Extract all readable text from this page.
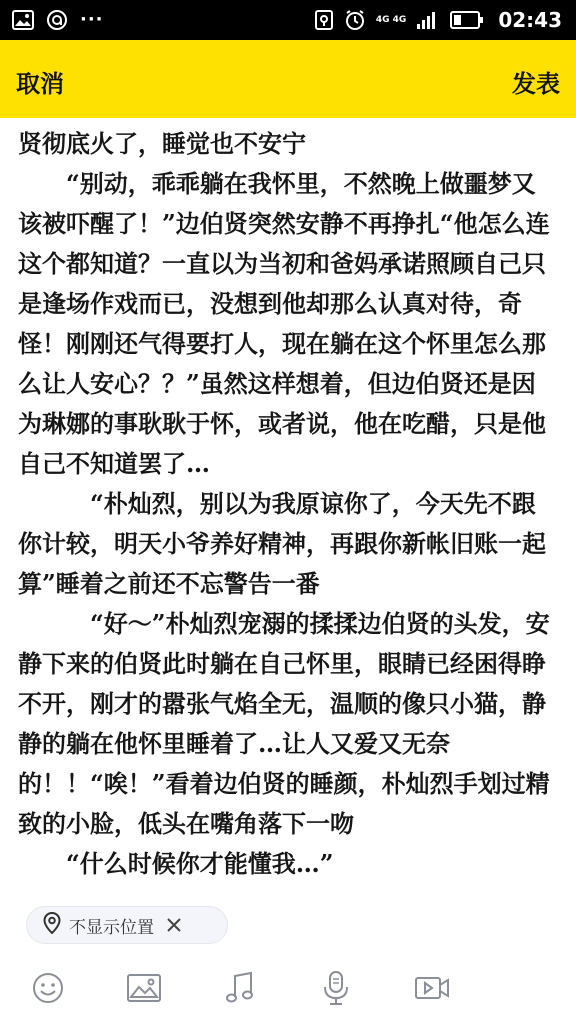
···	4G 4G	02:43
取消	发表

贤彻底火了，睡觉也不安宁

　　“别动，乖乖躺在我怀里，不然晚上做噩梦又该被吓醒了！”边伯贤突然安静不再挣扎“他怎么连这个都知道？一直以为当初和爸妈承诺照顾自己只是逢场作戏而已，没想到他却那么认真对待，奇怪！刚刚还气得要打人，现在躺在这个怀里怎么那么让人安心？？”虽然这样想着，但边伯贤还是因为琳娜的事耿耿于怀，或者说，他在吃醋，只是他自己不知道罢了…

　　　“朴灿烈，别以为我原谅你了，今天先不跟你计较，明天小爷养好精神，再跟你新帐旧账一起算”睡着之前还不忘警告一番

　　　“好～”朴灿烈宠溺的揉揉边伯贤的头发，安静下来的伯贤此时躺在自己怀里，眼睛已经困得睁不开，刚才的嚣张气焰全无，温顺的像只小猫，静静的躺在他怀里睡着了…让人又爱又无奈的！！“唉！”看着边伯贤的睡颜，朴灿烈手划过精致的小脸，低头在嘴角落下一吻

　　“什么时候你才能懂我…”

不显示位置
